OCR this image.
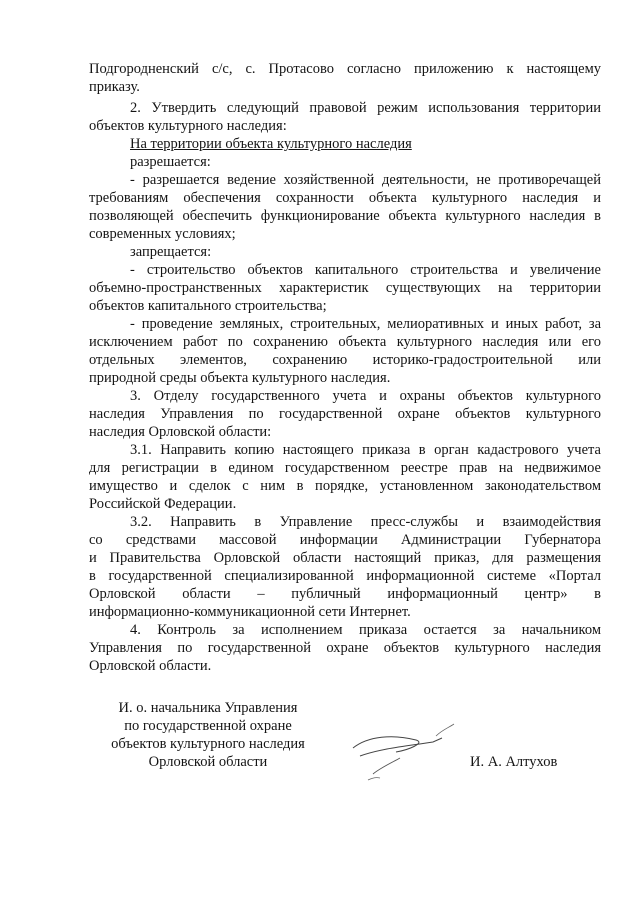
Подгородненский с/с, с. Протасово согласно приложению к настоящему
приказу.
2. Утвердить следующий правовой режим использования территории
объектов культурного наследия:
На территории объекта культурного наследия
разрешается:
- разрешается ведение хозяйственной деятельности, не противоречащей
требованиям обеспечения сохранности объекта культурного наследия и
позволяющей обеспечить функционирование объекта культурного наследия в
современных условиях;
запрещается:
- строительство объектов капитального строительства и увеличение
объемно-пространственных характеристик существующих на территории
объектов капитального строительства;
- проведение земляных, строительных, мелиоративных и иных работ, за
исключением работ по сохранению объекта культурного наследия или его
отдельных элементов, сохранению историко-градостроительной или
природной среды объекта культурного наследия.
3. Отделу государственного учета и охраны объектов культурного
наследия Управления по государственной охране объектов культурного
наследия Орловской области:
3.1. Направить копию настоящего приказа в орган кадастрового учета
для регистрации в едином государственном реестре прав на недвижимое
имущество и сделок с ним в порядке, установленном законодательством
Российской Федерации.
3.2. Направить в Управление пресс-службы и взаимодействия
со средствами массовой информации Администрации Губернатора
и Правительства Орловской области настоящий приказ, для размещения
в государственной специализированной информационной системе «Портал
Орловской области – публичный информационный центр» в
информационно-коммуникационной сети Интернет.
4. Контроль за исполнением приказа остается за начальником
Управления по государственной охране объектов культурного наследия
Орловской области.
И. о. начальника Управления
по государственной охране
объектов культурного наследия
Орловской области	И. А. Алтухов
